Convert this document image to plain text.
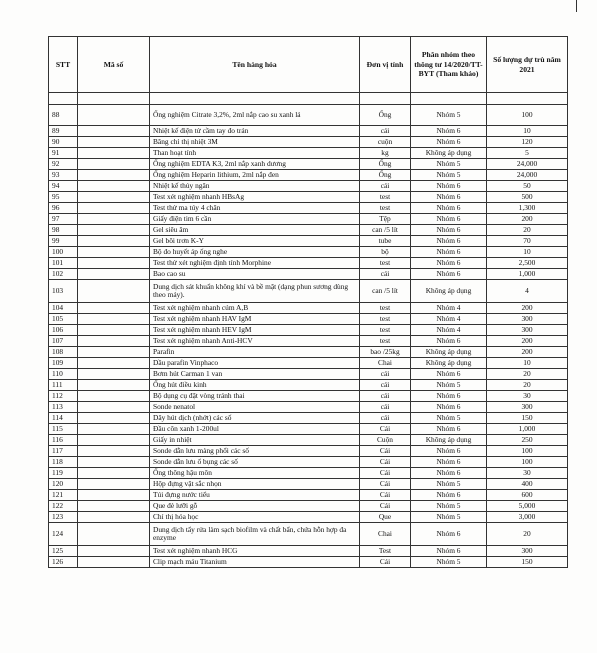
STT	Mã số	Tên hàng hóa	Đơn vị tính	Phân nhóm theo thông tư 14/2020/TT-BYT (Tham khảo)	Số lượng dự trù năm 2021

88		Ống nghiệm Citrate 3,2%, 2ml nắp cao su xanh lá	Ống	Nhóm 5	100
89		Nhiệt kế điện tử cầm tay đo trán	cái	Nhóm 6	10
90		Băng chỉ thị nhiệt 3M	cuộn	Nhóm 6	120
91		Than hoạt tính	kg	Không áp dụng	5
92		Ống nghiệm EDTA K3, 2ml nắp xanh dương	Ống	Nhóm 5	24,000
93		Ống nghiệm Heparin lithium, 2ml nắp đen	Ống	Nhóm 5	24,000
94		Nhiệt kế thủy ngân	cái	Nhóm 6	50
95		Test xét nghiệm nhanh HBsAg	test	Nhóm 6	500
96		Test thử ma túy 4 chân	test	Nhóm 6	1,300
97		Giấy điện tim 6 cần	Tệp	Nhóm 6	200
98		Gel siêu âm	can /5 lít	Nhóm 6	20
99		Gel bôi trơn K-Y	tube	Nhóm 6	70
100		Bộ đo huyết áp ống nghe	bộ	Nhóm 6	10
101		Test thử xét nghiệm định tính Morphine	test	Nhóm 6	2,500
102		Bao cao su	cái	Nhóm 6	1,000
103		Dung dịch sát khuẩn không khí và bề mặt (dạng phun sương dùng theo máy).	can /5 lít	Không áp dụng	4
104		Test xét nghiệm nhanh cúm A,B	test	Nhóm 4	200
105		Test xét nghiệm nhanh HAV IgM	test	Nhóm 4	300
106		Test xét nghiệm nhanh HEV IgM	test	Nhóm 4	300
107		Test xét nghiệm nhanh Anti-HCV	test	Nhóm 6	200
108		Parafin	bao /25kg	Không áp dụng	200
109		Dầu parafin Vinphaco	Chai	Không áp dụng	10
110		Bơm hút Carman 1 van	cái	Nhóm 6	20
111		Ống hút điều kinh	cái	Nhóm 5	20
112		Bộ dụng cụ đặt vòng tránh thai	cái	Nhóm 6	30
113		Sonde nenatol	cái	Nhóm 6	300
114		Dây hút dịch (nhớt) các số	cái	Nhóm 5	150
115		Đầu côn xanh 1-200ul	Cái	Nhóm 6	1,000
116		Giấy in nhiệt	Cuộn	Không áp dụng	250
117		Sonde dẫn lưu màng phổi các số	Cái	Nhóm 6	100
118		Sonde dẫn lưu ổ bụng các số	Cái	Nhóm 6	100
119		Ống thông hậu môn	Cái	Nhóm 6	30
120		Hộp đựng vật sắc nhọn	Cái	Nhóm 5	400
121		Túi đựng nước tiểu	Cái	Nhóm 6	600
122		Que đè lưỡi gỗ	Cái	Nhóm 5	5,000
123		Chỉ thị hóa học	Que	Nhóm 5	3,000
124		Dung dịch tẩy rửa làm sạch biofilm và chất bẩn, chứa hỗn hợp đa enzyme	Chai	Nhóm 6	20
125		Test xét nghiệm nhanh HCG	Test	Nhóm 6	300
126		Clip mạch máu Titanium	Cái	Nhóm 5	150
